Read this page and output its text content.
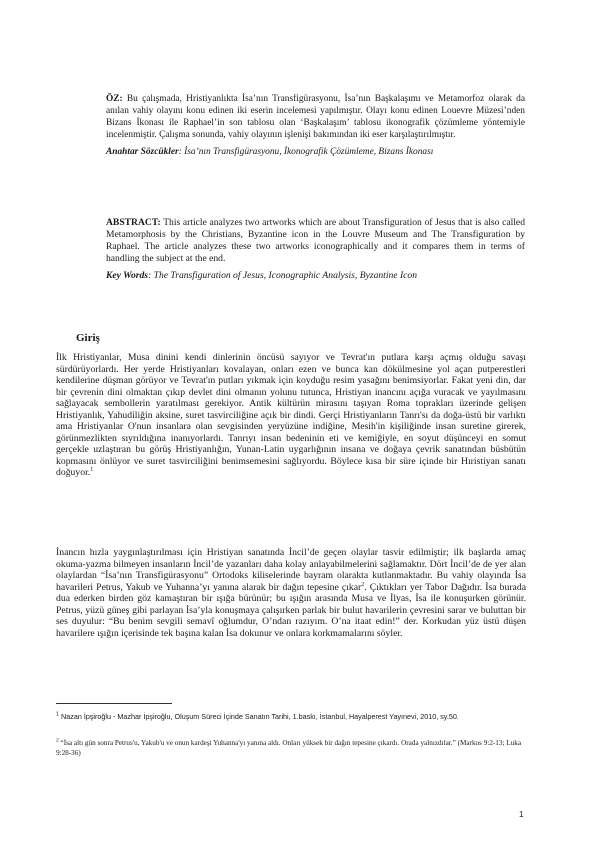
ÖZ: Bu çalışmada, Hristiyanlıkta İsa’nın Transfigürasyonu, İsa’nın Başkalaşımı ve Metamorfoz olarak da anılan vahiy olayını konu edinen iki eserin incelemesi yapılmıştır. Olayı konu edinen Louevre Müzesi’nden Bizans İkonası ile Raphael’in son tablosu olan ‘Başkalaşım’ tablosu ikonografik çözümleme yöntemiyle incelenmiştir. Çalışma sonunda, vahiy olayının işlenişi bakımından iki eser karşılaştırılmıştır.

Anahtar Sözcükler: İsa’nın Transfigürasyonu, İkonografik Çözümleme, Bizans İkonası

ABSTRACT: This article analyzes two artworks which are about Transfiguration of Jesus that is also called Metamorphosis by the Christians, Byzantine icon in the Louvre Museum and The Transfiguration by Raphael. The article analyzes these two artworks iconographically and it compares them in terms of handling the subject at the end.

Key Words: The Transfiguration of Jesus, Iconographic Analysis, Byzantine Icon

Giriş

İlk Hristiyanlar, Musa dinini kendi dinlerinin öncüsü sayıyor ve Tevrat'ın putlara karşı açmış olduğu savaşı sürdürüyorlardı. Her yerde Hristiyanları kovalayan, onları ezen ve bunca kan dökülmesine yol açan putperestleri kendilerine düşman görüyor ve Tevrat'ın putları yıkmak için koyduğu resim yasağını benimsiyorlar. Fakat yeni din, dar bir çevrenin dini olmaktan çıkıp devlet dini olmanın yolunu tutunca, Hristiyan inancını açığa vuracak ve yayılmasını sağlayacak sembollerin yaratılması gerekiyor. Antik kültürün mirasını taşıyan Roma toprakları üzerinde gelişen Hristiyanlık, Yahudiliğin aksine, suret tasvirciliğine açık bir dindi. Gerçi Hristiyanların Tanrı'sı da doğa-üstü bir varlıktı ama Hristiyanlar O'nun insanlara olan sevgisinden yeryüzüne indiğine, Mesih'in kişiliğinde insan suretine girerek, görünmezlikten sıyrıldığına inanıyorlardı. Tanrıyı insan bedeninin eti ve kemiğiyle, en soyut düşünceyi en somut gerçekle uzlaştıran bu görüş Hristiyanlığın, Yunan-Latin uygarlığının insana ve doğaya çevrik sanatından büsbütün kopmasını önlüyor ve suret tasvirciliğini benimsemesini sağlıyordu. Böylece kısa bir süre içinde bir Hıristiyan sanatı doğuyor.$^1$

İnancın hızla yaygınlaştırılması için Hristiyan sanatında İncil’de geçen olaylar tasvir edilmiştir; ilk başlarda amaç okuma-yazma bilmeyen insanların İncil’de yazanları daha kolay anlayabilmelerini sağlamaktır. Dört İncil’de de yer alan olaylardan “İsa’nın Transfigürasyonu” Ortodoks kiliselerinde bayram olarakta kutlanmaktadır. Bu vahiy olayında İsa havarileri Petrus, Yakub ve Yuhanna’yı yanına alarak bir dağın tepesine çıkar$^2$. Çıktıkları yer Tabor Dağıdır. İsa burada dua ederken birden göz kamaştıran bir ışığa bürünür; bu ışığın arasında Musa ve İlyas, İsa ile konuşurken görünür. Petrus, yüzü güneş gibi parlayan İsa’yla konuşmaya çalışırken parlak bir bulut havarilerin çevresini sarar ve buluttan bir ses duyulur: “Bu benim sevgili semavî oğlumdur, O’ndan razıyım. O’na itaat edin!” der. Korkudan yüz üstü düşen havarilere ışığın içerisinde tek başına kalan İsa dokunur ve onlara korkmamalarını söyler.

$^1$ Nazan İpşiroğlu - Mazhar İpşiroğlu, Oluşum Süreci İçinde Sanatın Tarihi, 1.baskı, İstanbul, Hayalperest Yayınevi, 2010, sy.50.

$^2$ “İsa altı gün sonra Petrus'u, Yakub'u ve onun kardeşi Yuhanna'yı yanına aldı. Onları yüksek bir dağın tepesine çıkardı. Orada yalnızdılar.” (Markos 9:2-13; Luka 9:28-36)

1
